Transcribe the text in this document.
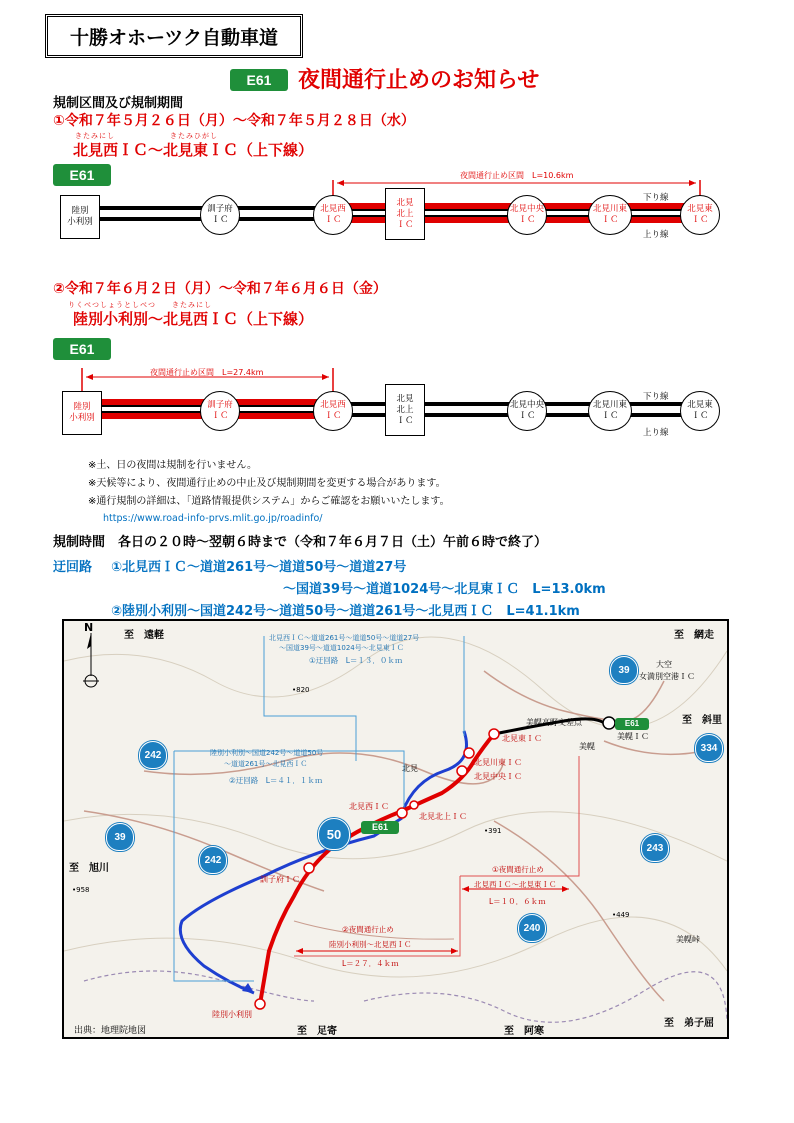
十勝オホーツク自動車道
E61	夜間通行止めのお知らせ
規制区間及び規制期間
①令和７年５月２６日（月）～令和７年５月２８日（水）
きたみにし	きたみひがし
北見西ＩＣ～北見東ＩＣ（上下線）
E61	夜間通行止め区間　L=10.6km
陸別
小利別
訓子府
ＩＣ
北見西
ＩＣ
北見
北上
ＩＣ
北見中央
ＩＣ
北見川東
ＩＣ
北見東
ＩＣ
下り線
上り線
②令和７年６月２日（月）～令和７年６月６日（金）
りくべつしょうとしべつ きたみにし
陸別小利別～北見西ＩＣ（上下線）
E61
夜間通行止め区間　L=27.4km
陸別
小利別
訓子府
ＩＣ
北見西
ＩＣ
北見
北上
ＩＣ
北見中央
ＩＣ
北見川東
ＩＣ
北見東
ＩＣ
下り線
上り線
※土、日の夜間は規制を行いません。
※天候等により、夜間通行止めの中止及び規制期間を変更する場合があります。
※通行規制の詳細は、「道路情報提供システム」からご確認をお願いいたします。
https://www.road-info-prvs.mlit.go.jp/roadinfo/
規制時間　各日の２０時～翌朝６時まで（令和７年６月７日（土）午前６時で終了）
迂回路 ①北見西ＩＣ～道道261号～道道50号～道道27号
～国道39号～道道1024号～北見東ＩＣ　L=13.0km
②陸別小利別～国道242号～道道50号～道道261号～北見西ＩＣ　L=41.1km
N
至　遠軽	至　網走
至　斜里
至　旭川
至　足寄	至　阿寒
至　弟子屈
北見西ＩＣ～道道261号～道道50号～道道27号
～国道39号～道道1024号～北見東ＩＣ
①迂回路　L＝１３．０ｋｍ
陸別小利別～国道242号～道道50号
～道道261号～北見西ＩＣ
②迂回路　L＝４１．１ｋｍ
①夜間通行止め
北見西ＩＣ～北見東ＩＣ
L＝１０．６ｋｍ
②夜間通行止め
陸別小利別～北見西ＩＣ
L＝２７．４ｋｍ
北見東ＩＣ
北見川東ＩＣ
北見中央ＩＣ
北見西ＩＣ
北見北上ＩＣ
訓子府ＩＣ
陸別小利別
美幌ＩＣ
女満別空港ＩＣ
美幌高野交差点
北見
美幌
美幌峠
大空
出典：地理院地図
•820
•958
•391
•449
39
242
334
39
242
50
243
240
E61
E61
